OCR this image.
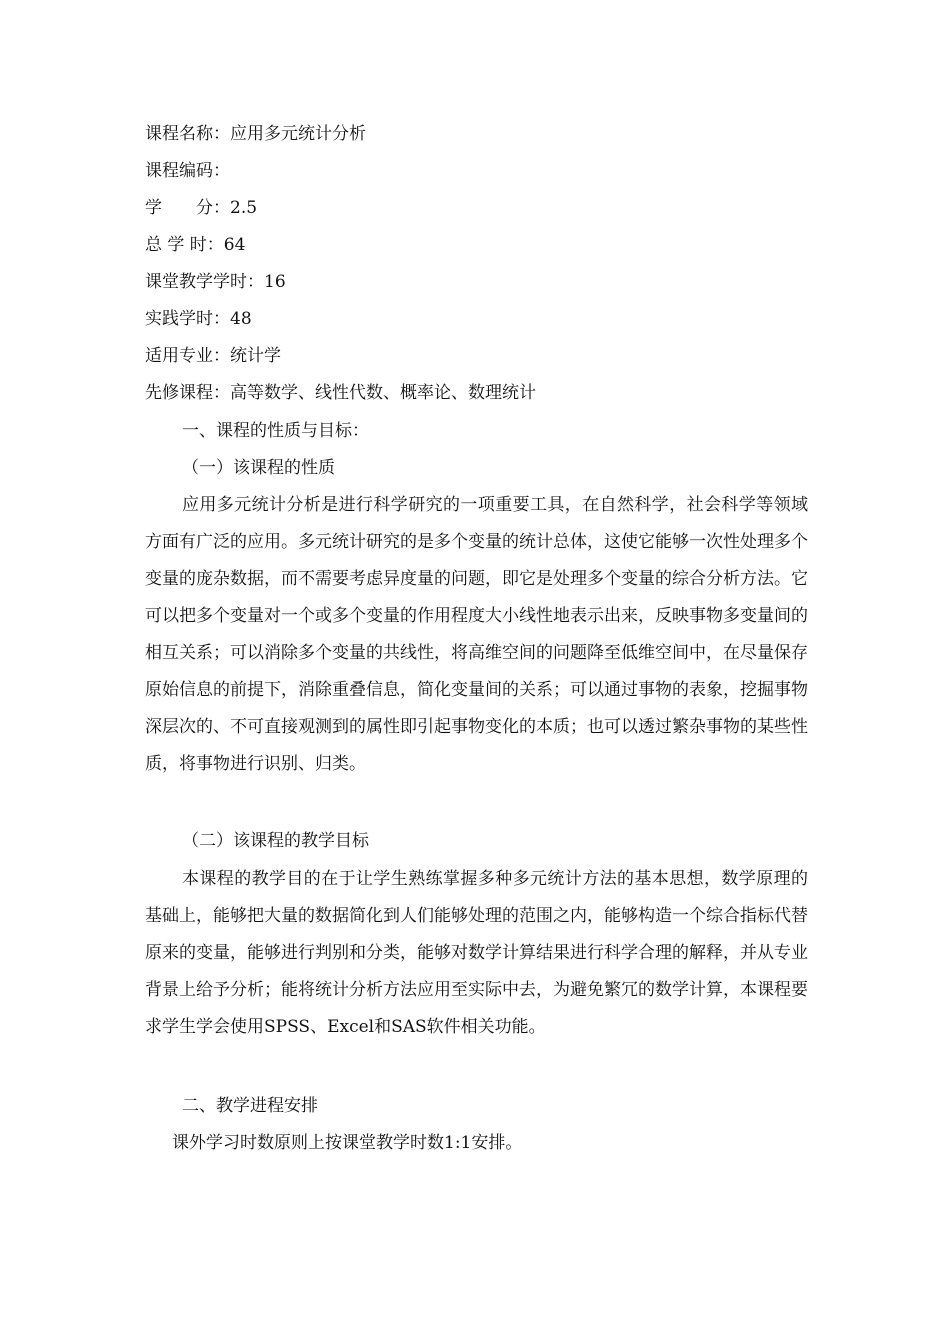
课程名称：应用多元统计分析
课程编码：
学　　分：2.5
总 学 时：64
课堂教学学时：16
实践学时：48
适用专业：统计学
先修课程：高等数学、线性代数、概率论、数理统计
一、课程的性质与目标：
（一）该课程的性质

应用多元统计分析是进行科学研究的一项重要工具，在自然科学，社会科学等领域方面有广泛的应用。多元统计研究的是多个变量的统计总体，这使它能够一次性处理多个变量的庞杂数据，而不需要考虑异度量的问题，即它是处理多个变量的综合分析方法。它可以把多个变量对一个或多个变量的作用程度大小线性地表示出来，反映事物多变量间的相互关系；可以消除多个变量的共线性，将高维空间的问题降至低维空间中，在尽量保存原始信息的前提下，消除重叠信息，简化变量间的关系；可以通过事物的表象，挖掘事物深层次的、不可直接观测到的属性即引起事物变化的本质；也可以透过繁杂事物的某些性质，将事物进行识别、归类。

（二）该课程的教学目标

本课程的教学目的在于让学生熟练掌握多种多元统计方法的基本思想，数学原理的基础上，能够把大量的数据简化到人们能够处理的范围之内，能够构造一个综合指标代替原来的变量，能够进行判别和分类，能够对数学计算结果进行科学合理的解释，并从专业背景上给予分析；能将统计分析方法应用至实际中去，为避免繁冗的数学计算，本课程要求学生学会使用SPSS、Excel和SAS软件相关功能。

二、教学进程安排
课外学习时数原则上按课堂教学时数1:1安排。
